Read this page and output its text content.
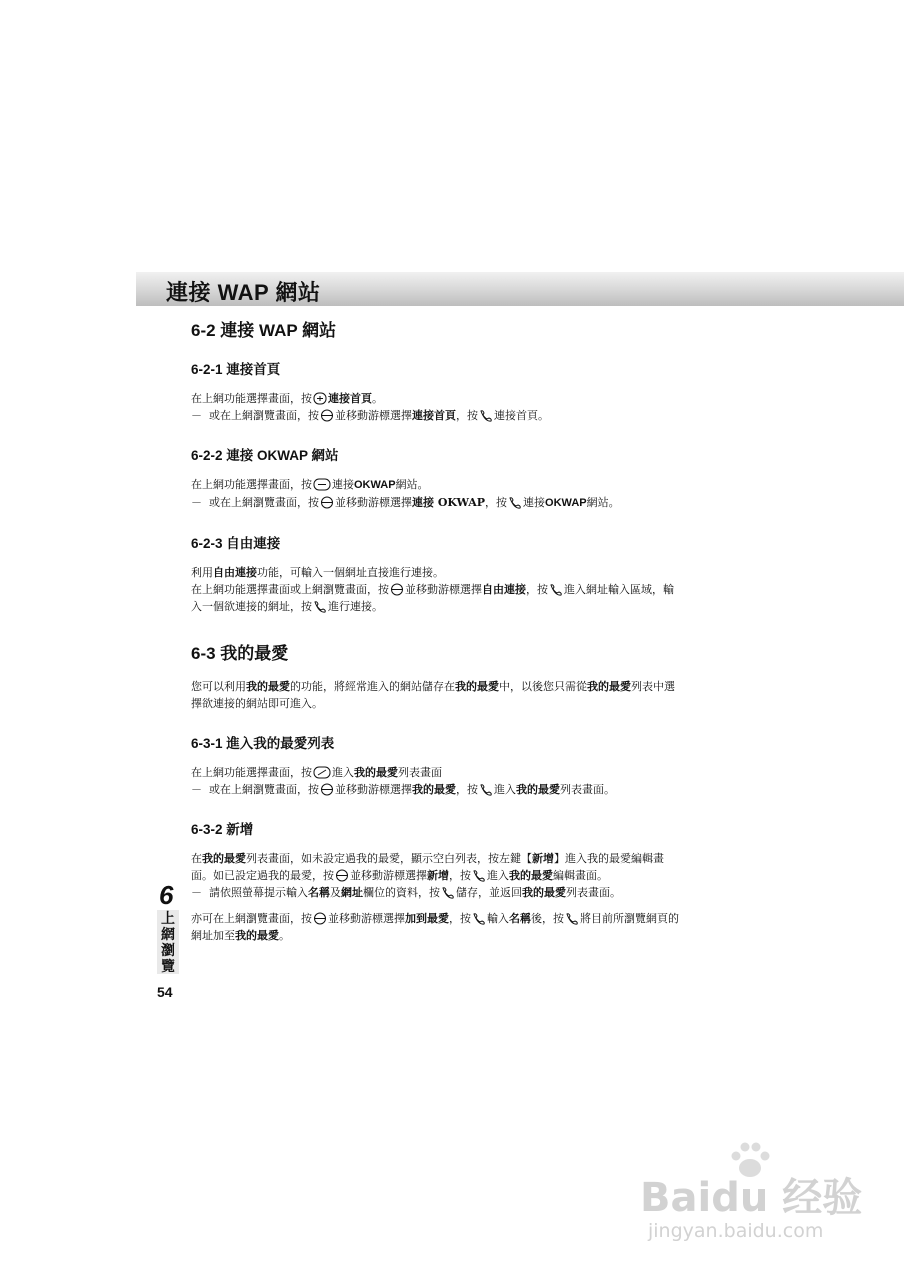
連接 WAP 網站
6-2 連接 WAP 網站
6-2-1 連接首頁

在上網功能選擇畫面，按 連接首頁。

－ 或在上網瀏覽畫面，按 並移動游標選擇連接首頁，按 連接首頁。

6-2-2 連接 OKWAP 網站

在上網功能選擇畫面，按 連接OKWAP網站。

－ 或在上網瀏覽畫面，按 並移動游標選擇連接 OKWAP，按 連接OKWAP網站。

6-2-3 自由連接

利用自由連接功能，可輸入一個網址直接進行連接。

在上網功能選擇畫面或上網瀏覽畫面，按 並移動游標選擇自由連接，按 進入網址輸入區域，輸
入一個欲連接的網址，按 進行連接。

6-3 我的最愛

您可以利用我的最愛的功能，將經常進入的網站儲存在我的最愛中，以後您只需從我的最愛列表中選
擇欲連接的網站即可進入。

6-3-1 進入我的最愛列表

在上網功能選擇畫面，按 進入我的最愛列表畫面

－ 或在上網瀏覽畫面，按 並移動游標選擇我的最愛，按 進入我的最愛列表畫面。

6-3-2 新增

在我的最愛列表畫面，如未設定過我的最愛，顯示空白列表，按左鍵【新增】進入我的最愛編輯畫
面。如已設定過我的最愛，按 並移動游標選擇新增，按 進入我的最愛編輯畫面。

－ 請依照螢幕提示輸入名稱及網址欄位的資料，按 儲存，並返回我的最愛列表畫面。

亦可在上網瀏覽畫面，按 並移動游標選擇加到最愛，按 輸入名稱後，按 將目前所瀏覽網頁的
網址加至我的最愛。

6
上網瀏覽
54
Baidu 经验
jingyan.baidu.com
